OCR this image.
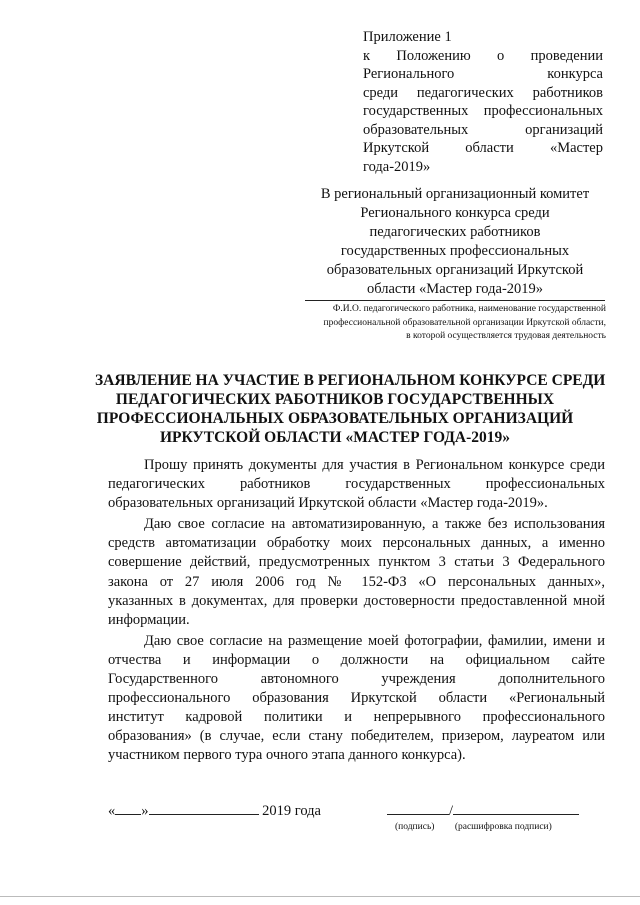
Приложение 1
к Положению о проведении
Регионального конкурса
среди педагогических работников
государственных профессиональных
образовательных организаций
Иркутской области «Мастер
года-2019»
В региональный организационный комитет
Регионального конкурса среди
педагогических работников
государственных профессиональных
образовательных организаций Иркутской
области «Мастер года-2019»
Ф.И.О. педагогического работника, наименование государственной
профессиональной образовательной организации Иркутской области,
в которой осуществляется трудовая деятельность
ЗАЯВЛЕНИЕ НА УЧАСТИЕ В РЕГИОНАЛЬНОМ КОНКУРСЕ СРЕДИ
ПЕДАГОГИЧЕСКИХ РАБОТНИКОВ ГОСУДАРСТВЕННЫХ
ПРОФЕССИОНАЛЬНЫХ ОБРАЗОВАТЕЛЬНЫХ ОРГАНИЗАЦИЙ
ИРКУТСКОЙ ОБЛАСТИ «МАСТЕР ГОДА-2019»
Прошу принять документы для участия в Региональном конкурсе среди
педагогических работников государственных профессиональных
образовательных организаций Иркутской области «Мастер года-2019».
Даю свое согласие на автоматизированную, а также без использования
средств автоматизации обработку моих персональных данных, а именно
совершение действий, предусмотренных пунктом 3 статьи 3 Федерального
закона от 27 июля 2006 год № 152-ФЗ «О персональных данных»,
указанных в документах, для проверки достоверности предоставленной мной
информации.
Даю свое согласие на размещение моей фотографии, фамилии, имени и
отчества и информации о должности на официальном сайте
Государственного автономного учреждения дополнительного
профессионального образования Иркутской области «Региональный
институт кадровой политики и непрерывного профессионального
образования» (в случае, если стану победителем, призером, лауреатом или
участником первого тура очного этапа данного конкурса).
« »	2019 года	/
(подпись) (расшифровка подписи)
